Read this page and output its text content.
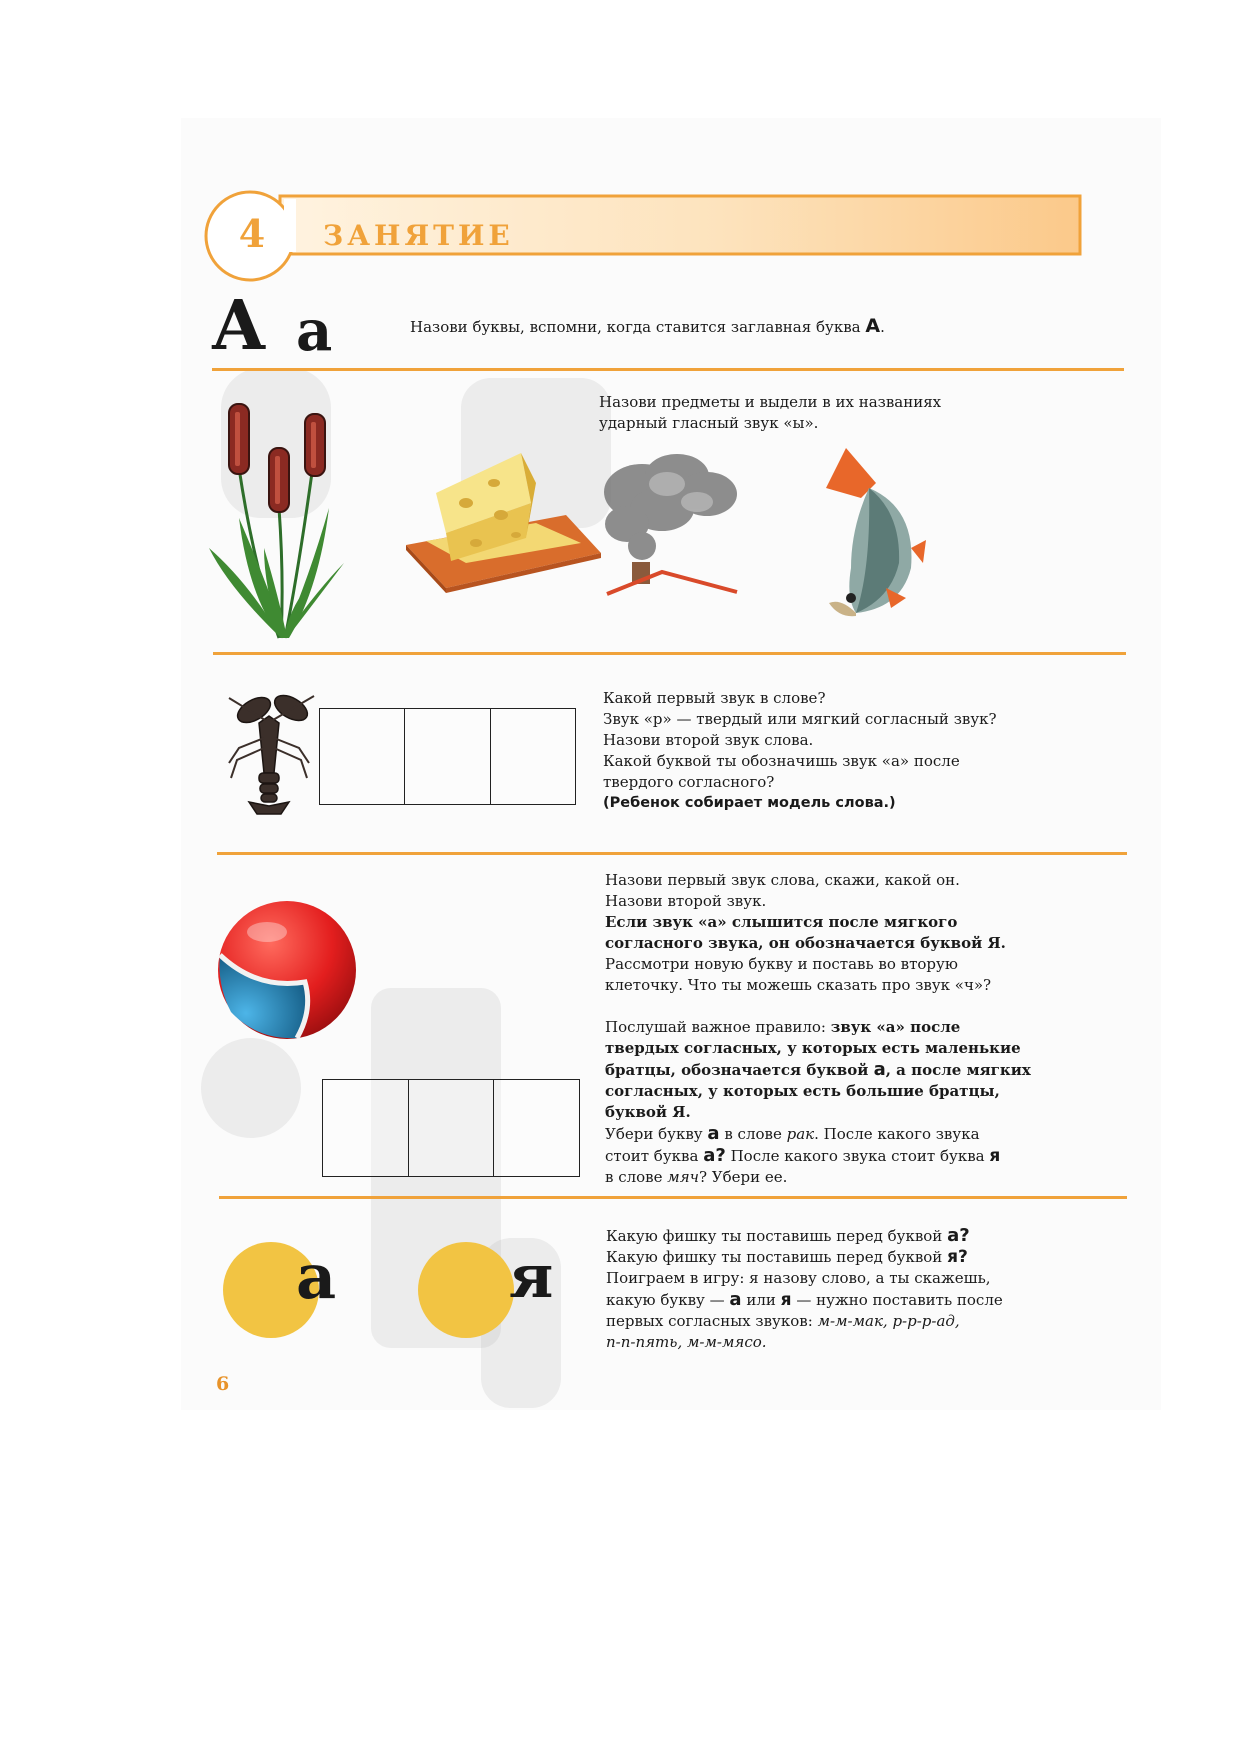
4 ЗАНЯТИЕ
А а	Назови буквы, вспомни, когда ставится заглавная буква А.

Назови предметы и выдели в их названиях

ударный гласный звук «ы».

Какой первый звук в слове?

Звук «р» — твердый или мягкий согласный звук?

Назови второй звук слова.

Какой буквой ты обозначишь звук «а» после

твердого согласного?

(Ребенок собирает модель слова.)

Назови первый звук слова, скажи, какой он.

Назови второй звук.

Если звук «а» слышится после мягкого

согласного звука, он обозначается буквой Я.

Рассмотри новую букву и поставь во вторую

клеточку. Что ты можешь сказать про звук «ч»?

Послушай важное правило: звук «а» после

твердых согласных, у которых есть маленькие

братцы, обозначается буквой а, а после мягких

согласных, у которых есть большие братцы,

буквой Я.

Убери букву а в слове рак. После какого звука

стоит буква а? После какого звука стоит буква я

в слове мяч? Убери ее.

а	я

Какую фишку ты поставишь перед буквой а?

Какую фишку ты поставишь перед буквой я?

Поиграем в игру: я назову слово, а ты скажешь,

какую букву — а или я — нужно поставить после

первых согласных звуков: м-м-мак, р-р-р-ад,

п-п-пять, м-м-мясо.

6
